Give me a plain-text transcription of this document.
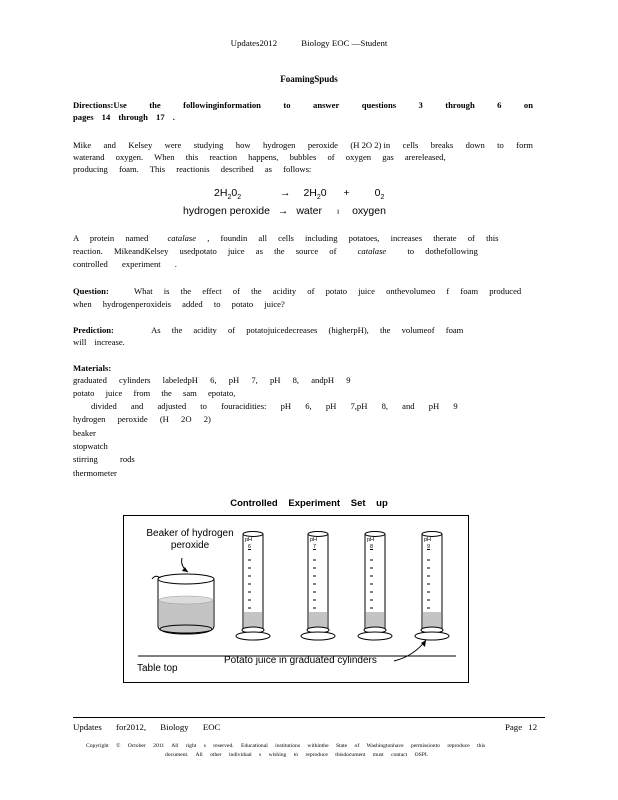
Updates2012	Biology EOC —Student
FoamingSpuds
Directions:Use	the	followinginformation	to	answer	questions	3	through	6	on
pages 14 through 17 .
Mike and Kelsey were studying how hydrogen peroxide (H 2O 2) in cells breaks down to form
waterand oxygen. When this reaction happens, bubbles of oxygen gas arereleased,
producing foam. This reactionis described as follows:
$2H_20_2$	→ $2H_20 + 0_2$
hydrogen peroxide → water ı oxygen
A protein named catalase , foundin all cells including potatoes, increases therate of this
reaction. MikeandKelsey usedpotato juice as the source of catalase to dothefollowing
controlled experiment .
Question:	What is the effect of the acidity of potato juice onthevolumeo f foam produced
when hydrogenperoxideis added to potato juice?
Prediction:	As the acidity of potatojuicedecreases (higherpH), the volumeof foam
will increase.
Materials:
graduated cylinders labeledpH 6, pH 7, pH 8, andpH 9
potato juice from the sam epotato,
divided and adjusted to fouracidities: pH 6, pH 7,pH 8, and pH 9
hydrogen peroxide (H 2O 2)
beaker
stopwatch
stirring rods
thermometer
Controlled Experiment Set up
Beaker of hydrogen
peroxide	pH
6
pH
7
pH
8
pH
9
Table top
Potato juice in graduated cylinders
Updates for2012, Biology EOC	Page 12
Copyright © October 2011 All right s reserved. Educational institutions withinthe State of Washingtonhave permissionto reproduce this
document. All other individual s wishing to reproduce thisdocument must contact OSPI.
